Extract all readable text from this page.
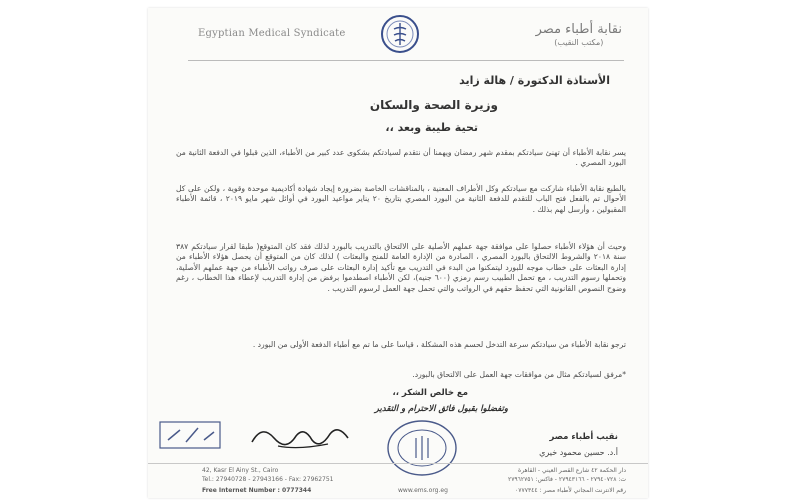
Egyptian Medical Syndicate	نقابة أطباء مصر
(مكتب النقيب)
الأستاذة الدكتورة / هالة زايد
وزيرة الصحة والسكان
تحية طيبة وبعد ،،
يسر نقابة الأطباء أن تهنئ سيادتكم بمقدم شهر رمضان ويهمنا أن نتقدم لسيادتكم بشكوى عدد كبير من الأطباء، الذين قبلوا في الدفعة الثانية من البورد المصري .
بالطبع نقابة الأطباء شاركت مع سيادتكم وكل الأطراف المعنية ، بالمناقشات الخاصة بضرورة إيجاد شهادة أكاديمية موحدة وقوية ، ولكن على كل الأحوال تم بالفعل فتح الباب للتقدم للدفعة الثانية من البورد المصري بتاريخ ٢٠ يناير مواعيد البورد في أوائل شهر مايو ٢٠١٩ ، قائمة الأطباء المقبولين ، وأرسل لهم بذلك .
وحيث أن هؤلاء الأطباء حصلوا على موافقة جهة عملهم الأصلية على الالتحاق بالتدريب بالبورد لذلك فقد كان المتوقع( طبقا لقرار سيادتكم ٣٨٧ سنة ٢٠١٨ والشروط الالتحاق بالبورد المصري ، الصادرة من الإدارة العامة للمنح والبعثات ) لذلك كان من المتوقع أن يحصل هؤلاء الأطباء من إدارة البعثات على خطاب موجه للبورد ليتمكنوا من البدء في التدريب مع تأكيد إدارة البعثات على صرف رواتب الأطباء من جهة عملهم الأصلية، وتحملها رسوم التدريب ، مع تحمل الطبيب رسم رمزي (٦٠٠ جنيه)، لكن الأطباء اصطدموا برفض من إدارة التدريب لإعطاء هذا الخطاب ، رغم وضوح النصوص القانونية التي تحفظ حقهم في الرواتب والتي تحمل جهة العمل لرسوم التدريب .
ترجو نقابة الأطباء من سيادتكم سرعة التدخل لحسم هذه المشكلة ، قياسا على ما تم مع أطباء الدفعة الأولى من البورد .
*مرفق لسيادتكم مثال من موافقات جهة العمل على الالتحاق بالبورد.
مع خالص الشكر ،،
وتفضلوا بقبول فائق الاحترام و التقدير
نقيب أطباء مصر
أ.د. حسين محمود خيري
42, Kasr El Ainy St., Cairo
Tel.: 27940728 - 27943166 - Fax: 27962751
Free Internet Number : 0777344	www.ems.org.eg
دار الحكمة ٤٢ شارع القصر العيني - القاهرة
ت: ٢٧٩٤٠٧٢٨ - ٢٧٩٤٣١٦٦ - فاكس: ٢٧٩٦٢٧٥١
رقم الانترنت المجاني لأطباء مصر : ٠٧٧٧٣٤٤
